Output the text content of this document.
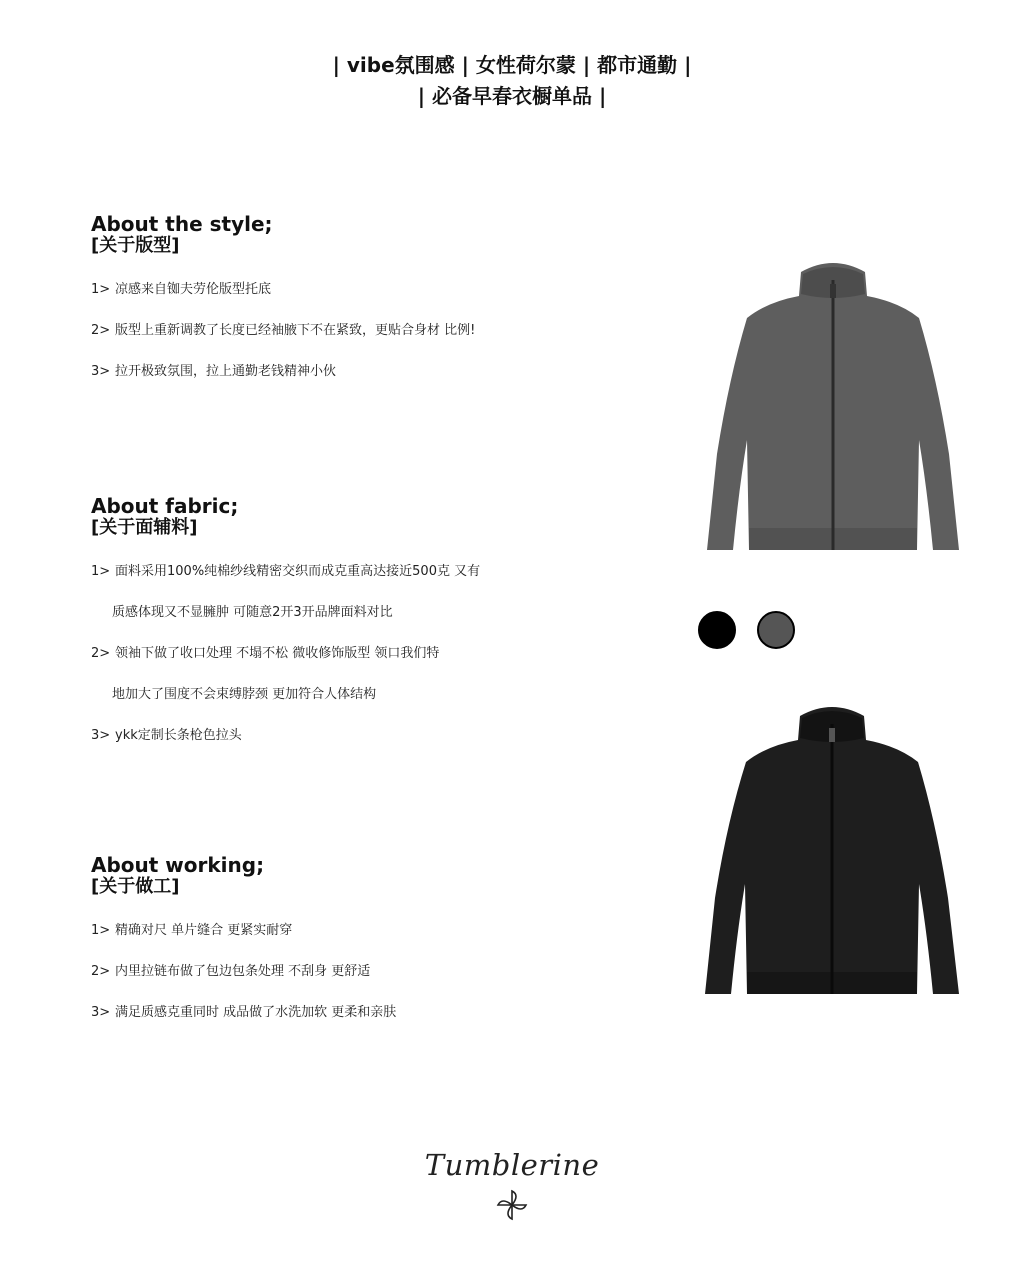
| vibe氛围感 | 女性荷尔蒙 | 都市通勤 |
| 必备早春衣橱单品 |
About the style;
[关于版型]
1> 凉感来自铷夫劳伦版型托底
2> 版型上重新调教了长度已经袖腋下不在紧致，更贴合身材 比例!
3> 拉开极致氛围，拉上通勤老钱精神小伙
About fabric;
[关于面辅料]
1> 面料采用100%纯棉纱线精密交织而成克重高达接近500克 又有
质感体现又不显臃肿 可随意2开3开品牌面料对比
2> 领袖下做了收口处理 不塌不松 微收修饰版型 领口我们特
地加大了围度不会束缚脖颈 更加符合人体结构
3> ykk定制长条枪色拉头
About working;
[关于做工]
1> 精确对尺 单片缝合 更紧实耐穿
2> 内里拉链布做了包边包条处理 不刮身 更舒适
3> 满足质感克重同时 成品做了水洗加软 更柔和亲肤
Tumblerine
